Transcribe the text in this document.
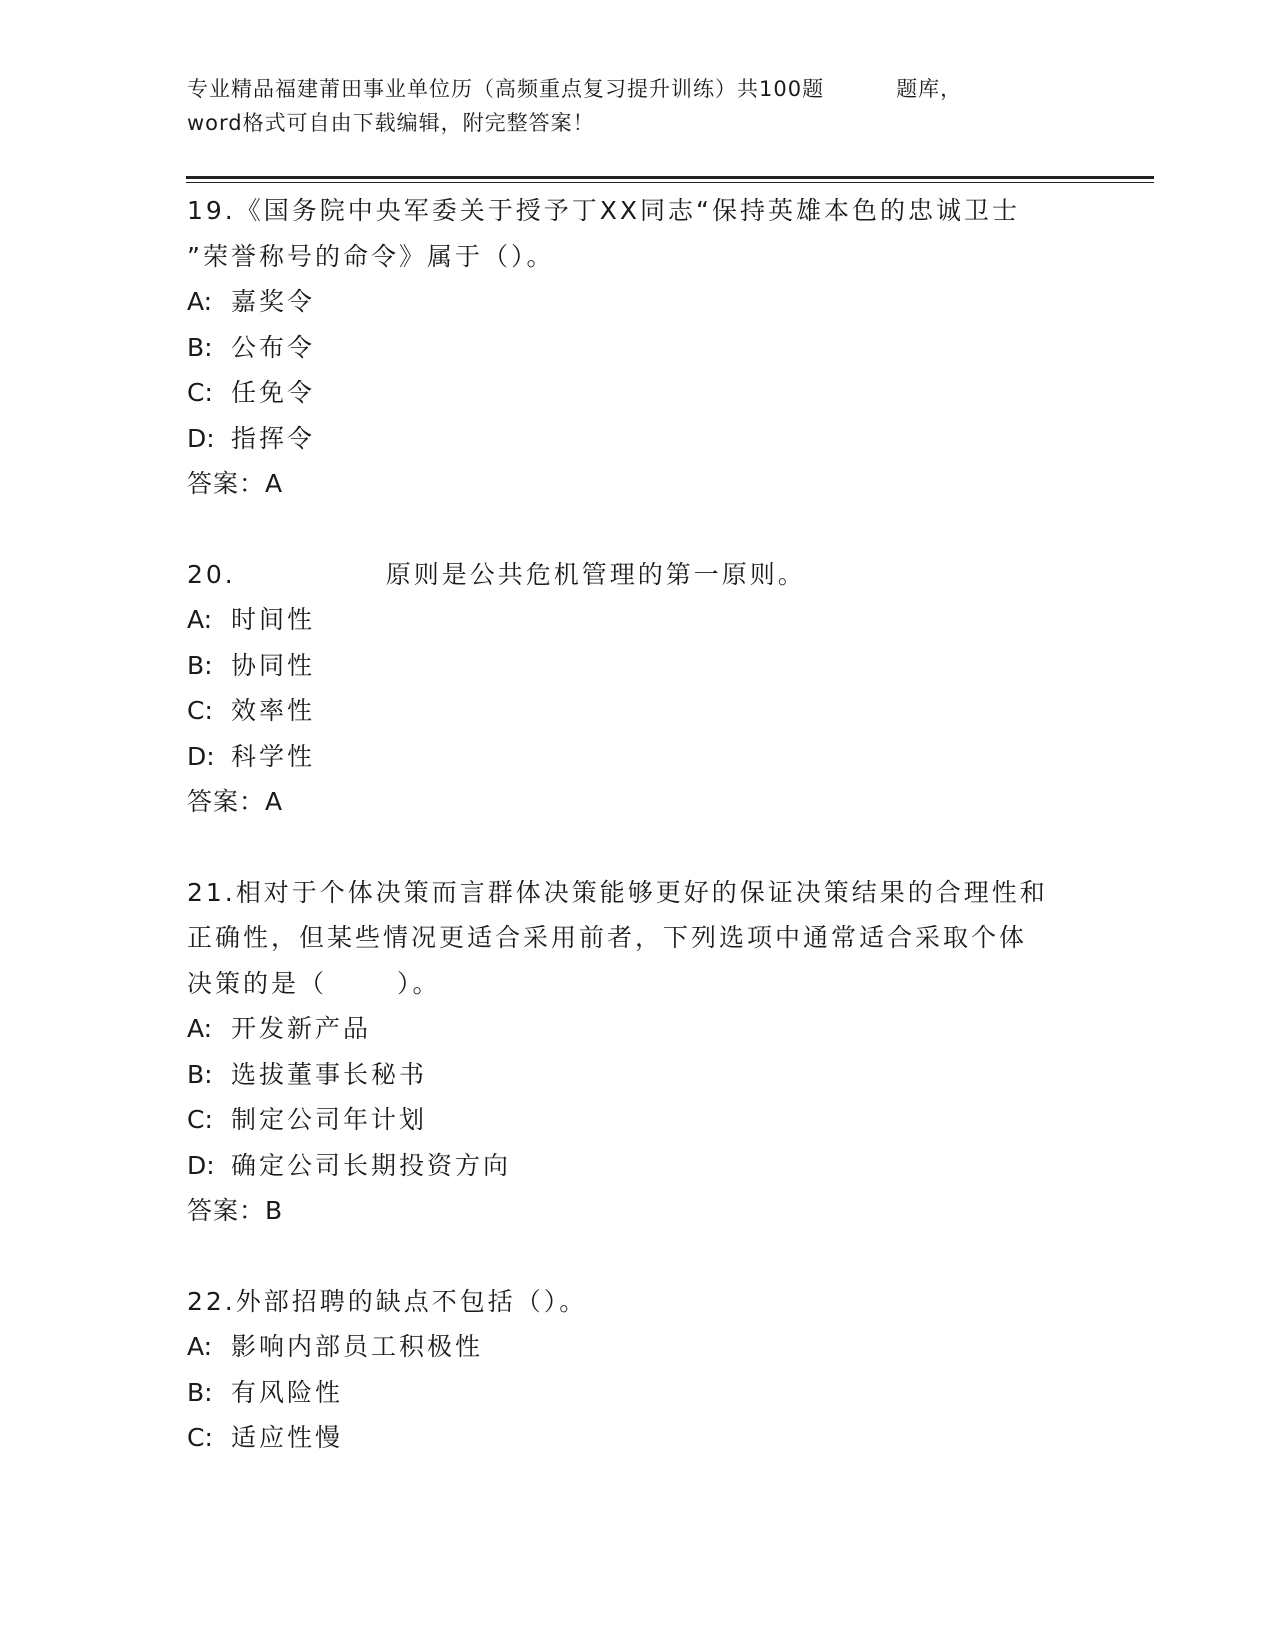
专业精品福建莆田事业单位历（高频重点复习提升训练）共100题	题库，
word格式可自由下载编辑，附完整答案！
19.《国务院中央军委关于授予丁XX同志“保持英雄本色的忠诚卫士
”荣誉称号的命令》属于（）。
A: 嘉奖令
B: 公布令
C: 任免令
D: 指挥令
答案：A
20.	原则是公共危机管理的第一原则。
A: 时间性
B: 协同性
C: 效率性
D: 科学性
答案：A
21.相对于个体决策而言群体决策能够更好的保证决策结果的合理性和
正确性，但某些情况更适合采用前者，下列选项中通常适合采取个体
决策的是（	）。
A: 开发新产品
B: 选拔董事长秘书
C: 制定公司年计划
D: 确定公司长期投资方向
答案：B
22.外部招聘的缺点不包括（）。
A: 影响内部员工积极性
B: 有风险性
C: 适应性慢
